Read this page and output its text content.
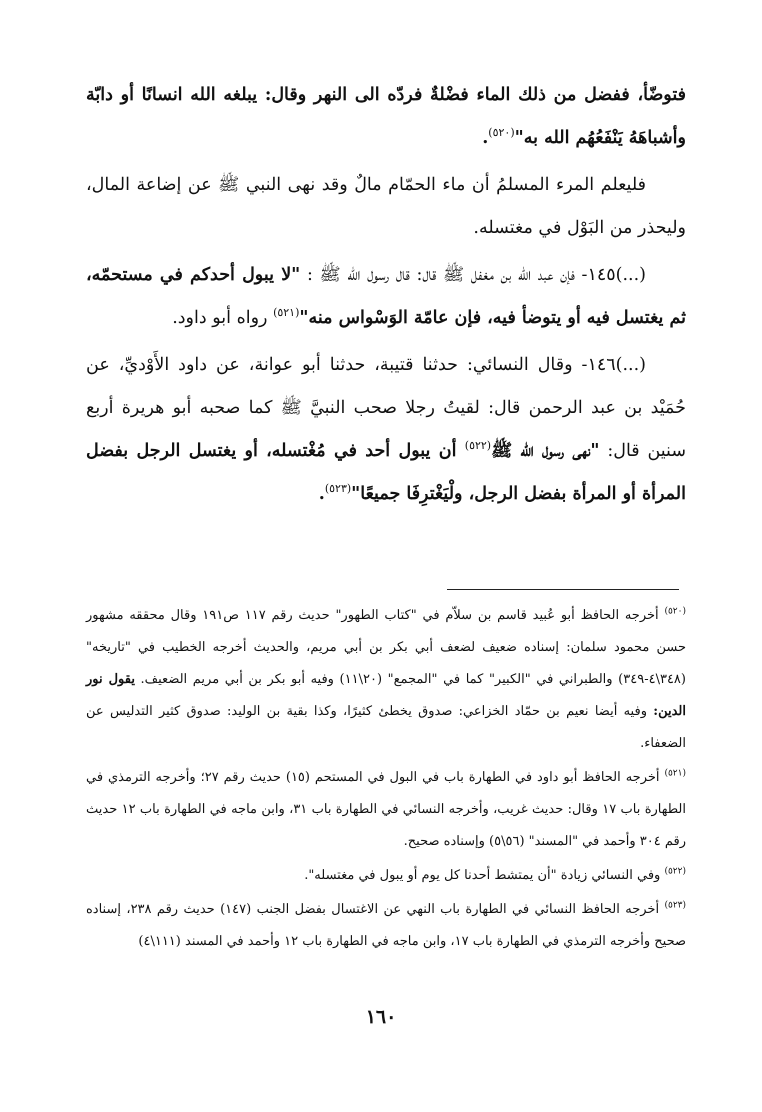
فتوضّأ، ففضل من ذلك الماء فضْلةٌ فردّه الى النهر وقال: يبلغه الله انسانًا أو دابّة وأشباهَهُ يَنْفَعُهُم الله به"$^{(٥٢٠)}$.

فليعلم المرء المسلمُ أن ماء الحمّام مالٌ وقد نهى النبي ﷺ عن إضاعة المال، وليحذر من البَوْل في مغتسله.

(...)١٤٥- فإن عبد الله بن مغفل ﷺ قال: قال رسول الله ﷺ : "لا يبول أحدكم في مستحمّه، ثم يغتسل فيه أو يتوضأ فيه، فإن عامّة الوَسْواس منه"$^{(٥٢١)}$ رواه أبو داود.

(...)١٤٦- وقال النسائي: حدثنا قتيبة، حدثنا أبو عوانة، عن داود الأَوْديِّ، عن حُمَيْد بن عبد الرحمن قال: لقيتُ رجلا صحب النبيَّ ﷺ كما صحبه أبو هريرة أربع سنين قال: "نهى رسول الله ﷺ$^{(٥٢٢)}$ أن يبول أحد في مُغْتسله، أو يغتسل الرجل بفضل المرأة أو المرأة بفضل الرجل، ولْيَغْترِفَا جميعًا"$^{(٥٢٣)}$.

$^{(٥٢٠)}$ أخرجه الحافظ أبو عُبيد قاسم بن سلاّم في "كتاب الطهور" حديث رقم ١١٧ ص١٩١ وقال محققه مشهور حسن محمود سلمان: إسناده ضعيف لضعف أبي بكر بن أبي مريم، والحديث أخرجه الخطيب في "تاريخه" (٣٤٨\٤-٣٤٩) والطبراني في "الكبير" كما في "المجمع" (٢٠\١١) وفيه أبو بكر بن أبي مريم الضعيف. يقول نور الدين: وفيه أيضا نعيم بن حمّاد الخزاعي: صدوق يخطئ كثيرًا، وكذا بقية بن الوليد: صدوق كثير التدليس عن الضعفاء.

$^{(٥٢١)}$ أخرجه الحافظ أبو داود في الطهارة باب في البول في المستحم (١٥) حديث رقم ٢٧؛ وأخرجه الترمذي في الطهارة باب ١٧ وقال: حديث غريب، وأخرجه النسائي في الطهارة باب ٣١، وابن ماجه في الطهارة باب ١٢ حديث رقم ٣٠٤ وأحمد في "المسند" (٥٦\٥) وإسناده صحيح.

$^{(٥٢٢)}$ وفي النسائي زيادة "أن يمتشط أحدنا كل يوم أو يبول في مغتسله".

$^{(٥٢٣)}$ أخرجه الحافظ النسائي في الطهارة باب النهي عن الاغتسال بفضل الجنب (١٤٧) حديث رقم ٢٣٨، إسناده صحيح وأخرجه الترمذي في الطهارة باب ١٧، وابن ماجه في الطهارة باب ١٢ وأحمد في المسند (١١١\٤)

١٦٠
